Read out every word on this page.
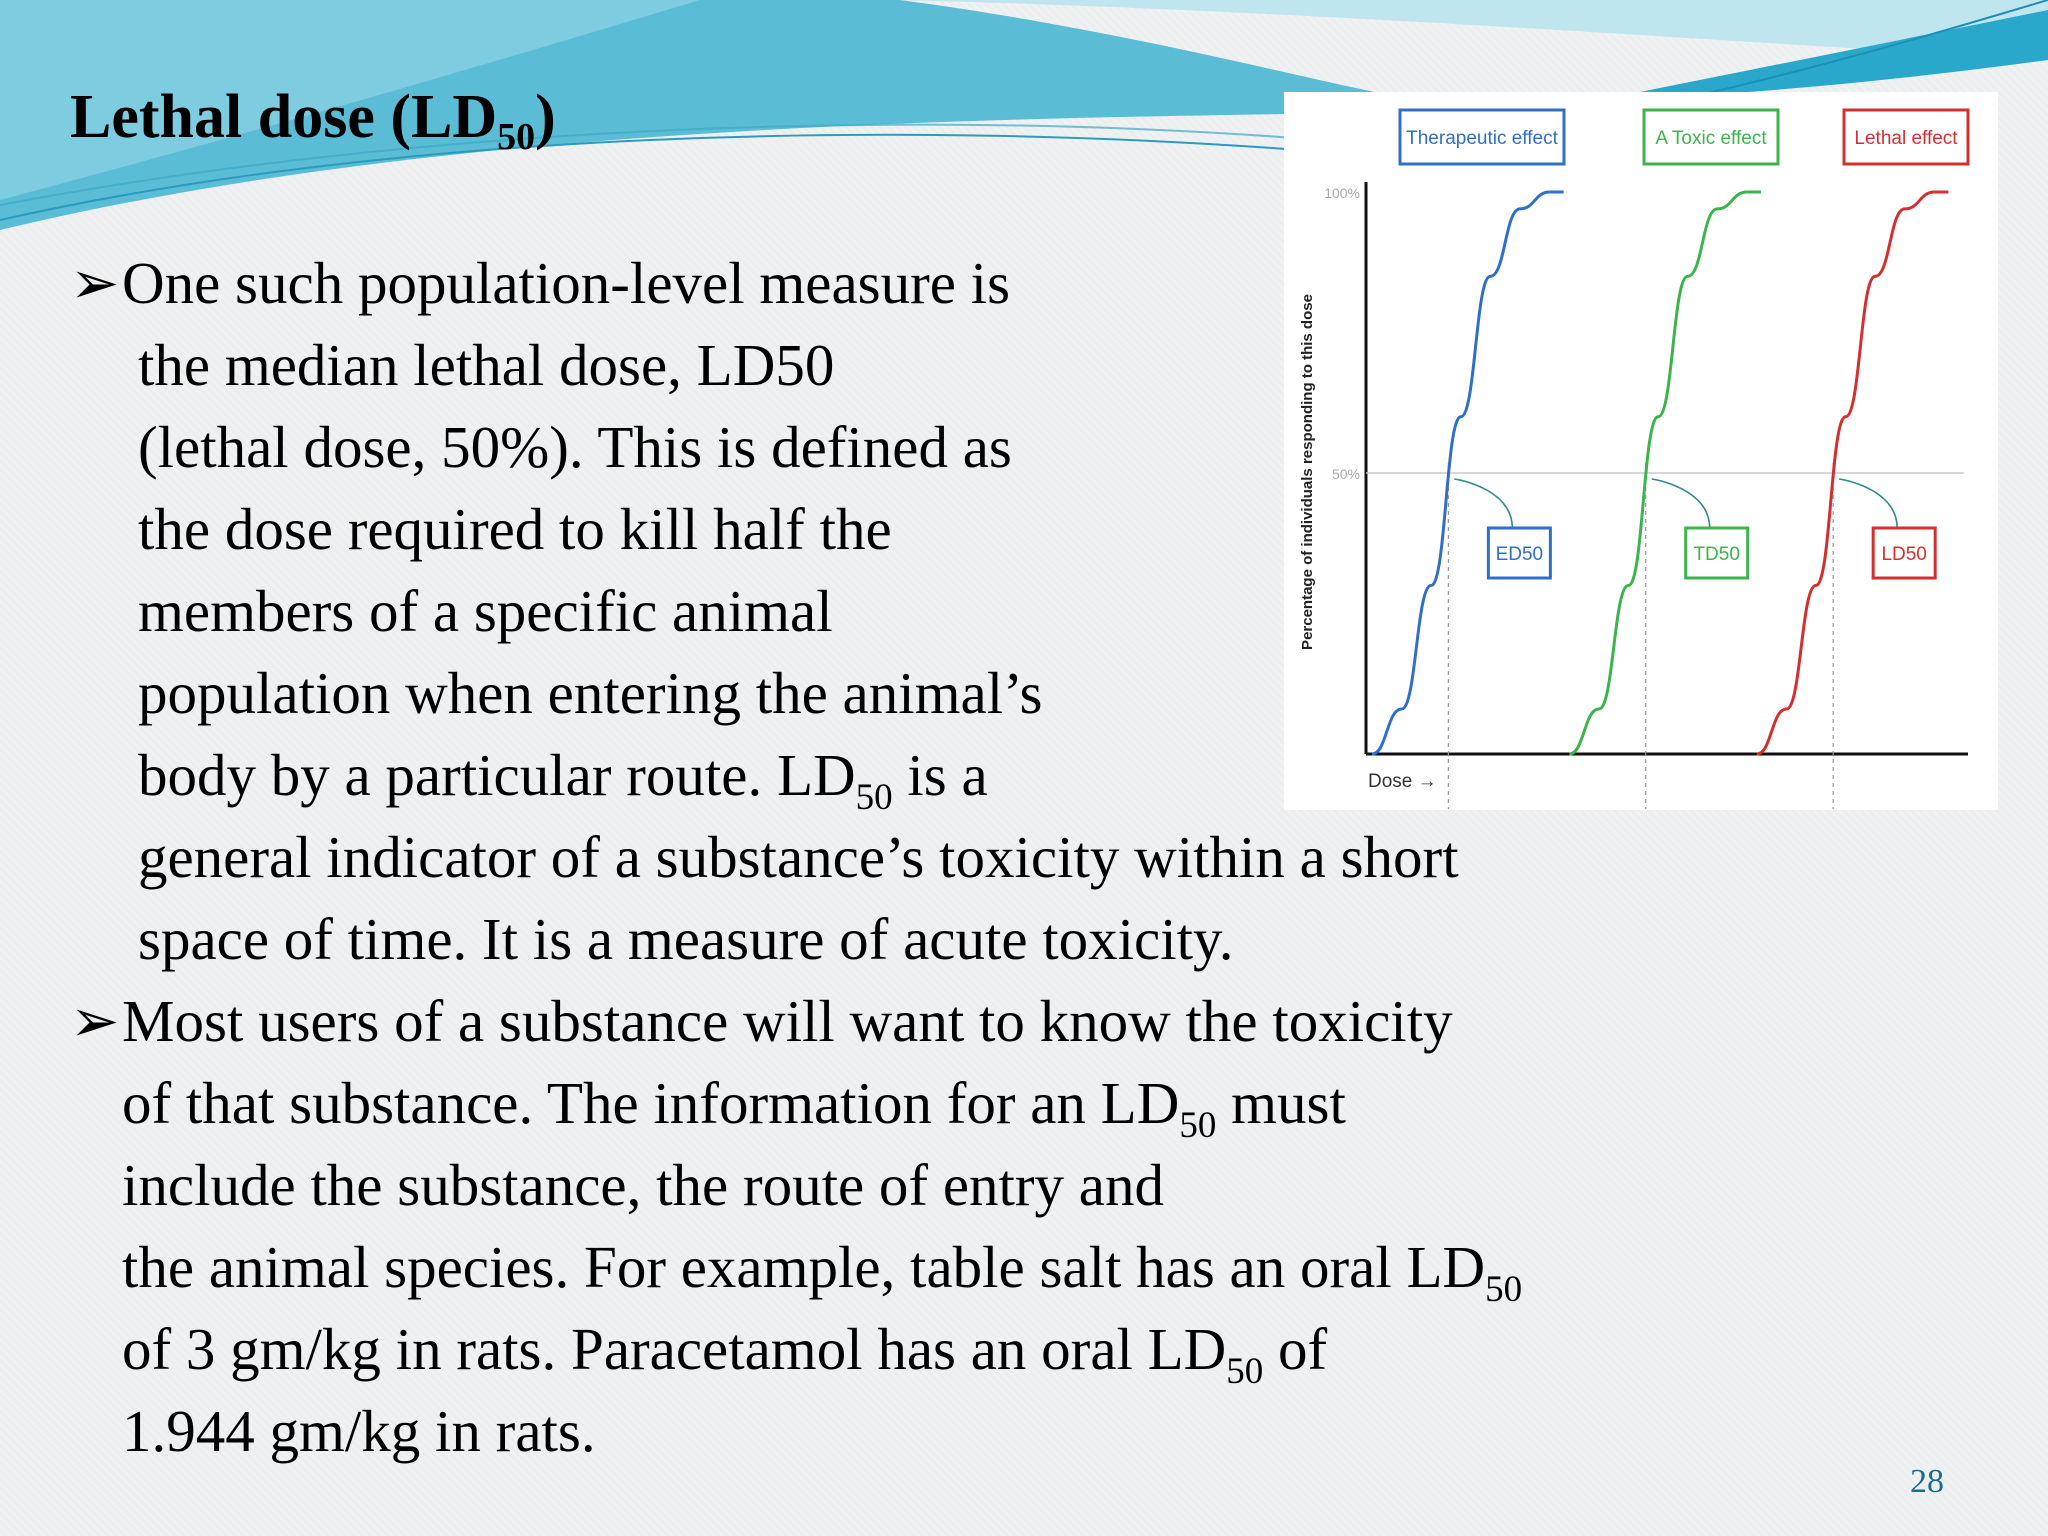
Lethal dose $(LD_{50})$
➢One such population-level measure is
the median lethal dose, LD50
(lethal dose, 50%). This is defined as
the dose required to kill half the
members of a specific animal
population when entering the animal’s
body by a particular route. $LD_{50}$ is a
general indicator of a substance’s toxicity within a short
space of time. It is a measure of acute toxicity.
➢Most users of a substance will want to know the toxicity
of that substance. The information for an $LD_{50}$ must
include the substance, the route of entry and
the animal species. For example, table salt has an oral $LD_{50}$
of 3 gm/kg in rats. Paracetamol has an oral $LD_{50}$ of
1.944 gm/kg in rats.
Therapeutic effect	A Toxic effect	Lethal effect
100%
50%
ED50	TD50	LD50
Percentage of individuals responding to this dose
Dose →
28
